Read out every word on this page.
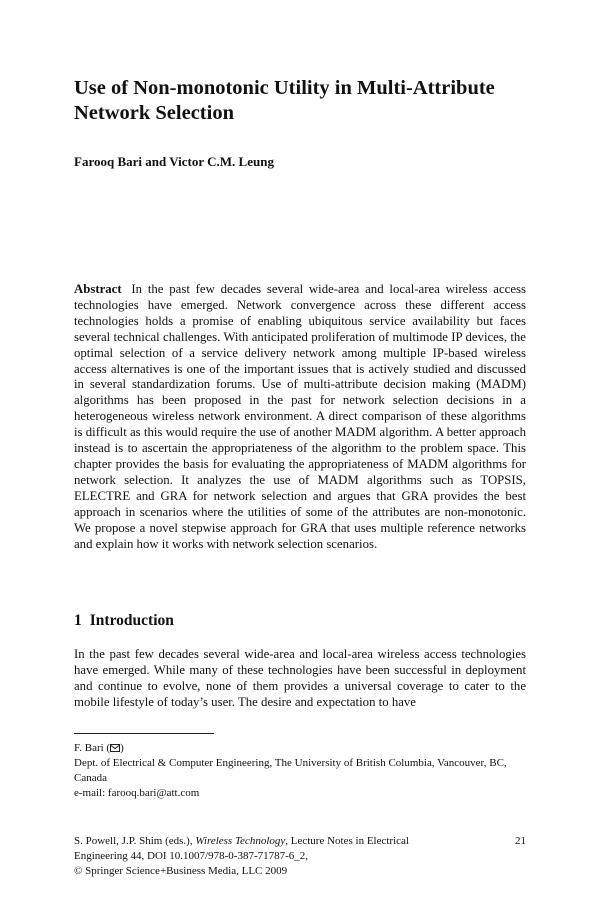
Use of Non-monotonic Utility in Multi-Attribute Network Selection

Farooq Bari and Victor C.M. Leung

Abstract In the past few decades several wide-area and local-area wireless access technologies have emerged. Network convergence across these different access technologies holds a promise of enabling ubiquitous service availability but faces several technical challenges. With anticipated proliferation of multimode IP devices, the optimal selection of a service delivery network among multiple IP-based wireless access alternatives is one of the important issues that is actively studied and discussed in several standardization forums. Use of multi-attribute decision making (MADM) algorithms has been proposed in the past for network selection decisions in a heterogeneous wireless network environment. A direct comparison of these algorithms is difficult as this would require the use of another MADM algorithm. A better approach instead is to ascertain the appropriateness of the algorithm to the problem space. This chapter provides the basis for evaluating the appropriateness of MADM algorithms for network selection. It analyzes the use of MADM algorithms such as TOPSIS, ELECTRE and GRA for network selection and argues that GRA provides the best approach in scenarios where the utilities of some of the attributes are non-monotonic. We propose a novel stepwise approach for GRA that uses multiple reference networks and explain how it works with network selection scenarios.

1 Introduction

In the past few decades several wide-area and local-area wireless access technologies have emerged. While many of these technologies have been successful in deployment and continue to evolve, none of them provides a universal coverage to cater to the mobile lifestyle of today’s user. The desire and expectation to have

F. Bari ( )
Dept. of Electrical & Computer Engineering, The University of British Columbia, Vancouver, BC, Canada
e-mail: farooq.bari@att.com
S. Powell, J.P. Shim (eds.), Wireless Technology, Lecture Notes in Electrical	21
Engineering 44, DOI 10.1007/978-0-387-71787-6_2,
© Springer Science+Business Media, LLC 2009
